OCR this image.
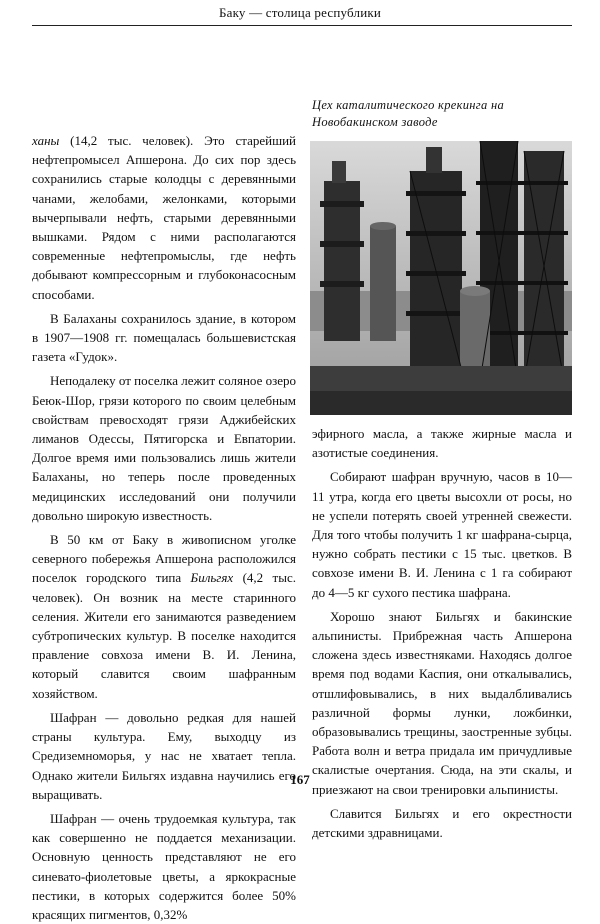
Баку — столица республики
Цех каталитического крекинга на
Новобакинском заводе

ханы (14,2 тыс. человек). Это старейший нефтепромысел Апшерона. До сих пор здесь сохранились старые колодцы с деревянными чанами, желобами, желонками, которыми вычерпывали нефть, старыми деревянными вышками. Рядом с ними располагаются современные нефтепромыслы, где нефть добывают компрессорным и глубоконасосным способами.

В Балаханы сохранилось здание, в котором в 1907—1908 гг. помещалась большевистская газета «Гудок».

Неподалеку от поселка лежит соляное озеро Беюк-Шор, грязи которого по своим целебным свойствам превосходят грязи Аджибейских лиманов Одессы, Пятигорска и Евпатории. Долгое время ими пользовались лишь жители Балаханы, но теперь после проведенных медицинских исследований они получили довольно широкую известность.

В 50 км от Баку в живописном уголке северного побережья Апшерона расположился поселок городского типа Бильгях (4,2 тыс. человек). Он возник на месте старинного селения. Жители его занимаются разведением субтропических культур. В поселке находится правление совхоза имени В. И. Ленина, который славится своим шафранным хозяйством.

Шафран — довольно редкая для нашей страны культура. Ему, выходцу из Средиземноморья, у нас не хватает тепла. Однако жители Бильгях издавна научились его выращивать.

Шафран — очень трудоемкая культура, так как совершенно не поддается механизации. Основную ценность представляют не его синевато-фиолетовые цветы, а яркокрасные пестики, в которых содержится более 50% красящих пигментов, 0,32%

эфирного масла, а также жирные масла и азотистые соединения.

Собирают шафран вручную, часов в 10—11 утра, когда его цветы высохли от росы, но не успели потерять своей утренней свежести. Для того чтобы получить 1 кг шафрана-сырца, нужно собрать пестики с 15 тыс. цветков. В совхозе имени В. И. Ленина с 1 га собирают до 4—5 кг сухого пестика шафрана.

Хорошо знают Бильгях и бакинские альпинисты. Прибрежная часть Апшерона сложена здесь известняками. Находясь долгое время под водами Каспия, они откалывались, отшлифовывались, в них выдалбливались различной формы лунки, ложбинки, образовывались трещины, заостренные зубцы. Работа волн и ветра придала им причудливые скалистые очертания. Сюда, на эти скалы, и приезжают на свои тренировки альпинисты.

Славится Бильгях и его окрестности детскими здравницами.

167
